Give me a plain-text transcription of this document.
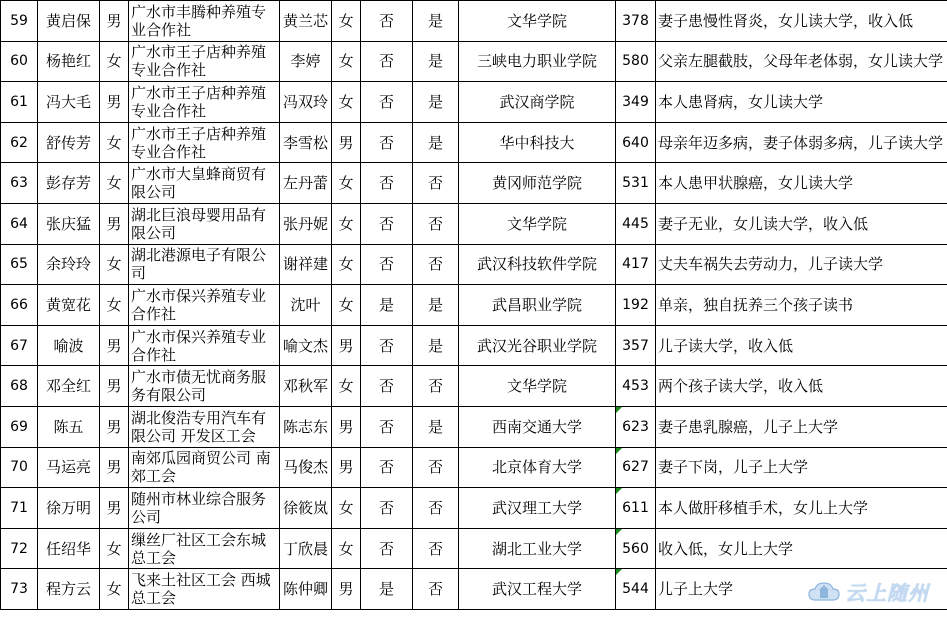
59	黄启保	男	广水市丰腾种养殖专业合作社	黄兰芯	女	否	是	文华学院	378	妻子患慢性肾炎，女儿读大学，收入低
60	杨艳红	女	广水市王子店种养殖专业合作社	李婷	女	否	是	三峡电力职业学院	580	父亲左腿截肢，父母年老体弱，女儿读大学
61	冯大毛	男	广水市王子店种养殖专业合作社	冯双玲	女	否	是	武汉商学院	349	本人患肾病，女儿读大学
62	舒传芳	女	广水市王子店种养殖专业合作社	李雪松	男	否	是	华中科技大	640	母亲年迈多病，妻子体弱多病，儿子读大学
63	彭存芳	女	广水市大皇蜂商贸有限公司	左丹蕾	女	否	否	黄冈师范学院	531	本人患甲状腺癌，女儿读大学
64	张庆猛	男	湖北巨浪母婴用品有限公司	张丹妮	女	否	否	文华学院	445	妻子无业，女儿读大学，收入低
65	余玲玲	女	湖北港源电子有限公司	谢祥建	女	否	否	武汉科技软件学院	417	丈夫车祸失去劳动力，儿子读大学
66	黄宽花	女	广水市保兴养殖专业合作社	沈叶	女	是	是	武昌职业学院	192	单亲，独自抚养三个孩子读书
67	喻波	男	广水市保兴养殖专业合作社	喻文杰	男	否	是	武汉光谷职业学院	357	儿子读大学，收入低
68	邓全红	男	广水市债无忧商务服务有限公司	邓秋军	女	否	否	文华学院	453	两个孩子读大学，收入低
69	陈五	男	湖北俊浩专用汽车有限公司 开发区工会	陈志东	男	否	是	西南交通大学	623	妻子患乳腺癌，儿子上大学
70	马运亮	男	南郊瓜园商贸公司 南郊工会	马俊杰	男	否	否	北京体育大学	627	妻子下岗，儿子上大学
71	徐万明	男	随州市林业综合服务公司	徐筱岚	女	否	否	武汉理工大学	611	本人做肝移植手术，女儿上大学
72	任绍华	女	缫丝厂社区工会东城总工会	丁欣晨	女	否	否	湖北工业大学	560	收入低，女儿上大学
73	程方云	女	飞来土社区工会 西城总工会	陈仲卿	男	是	否	武汉工程大学	544	儿子上大学	云上随州
